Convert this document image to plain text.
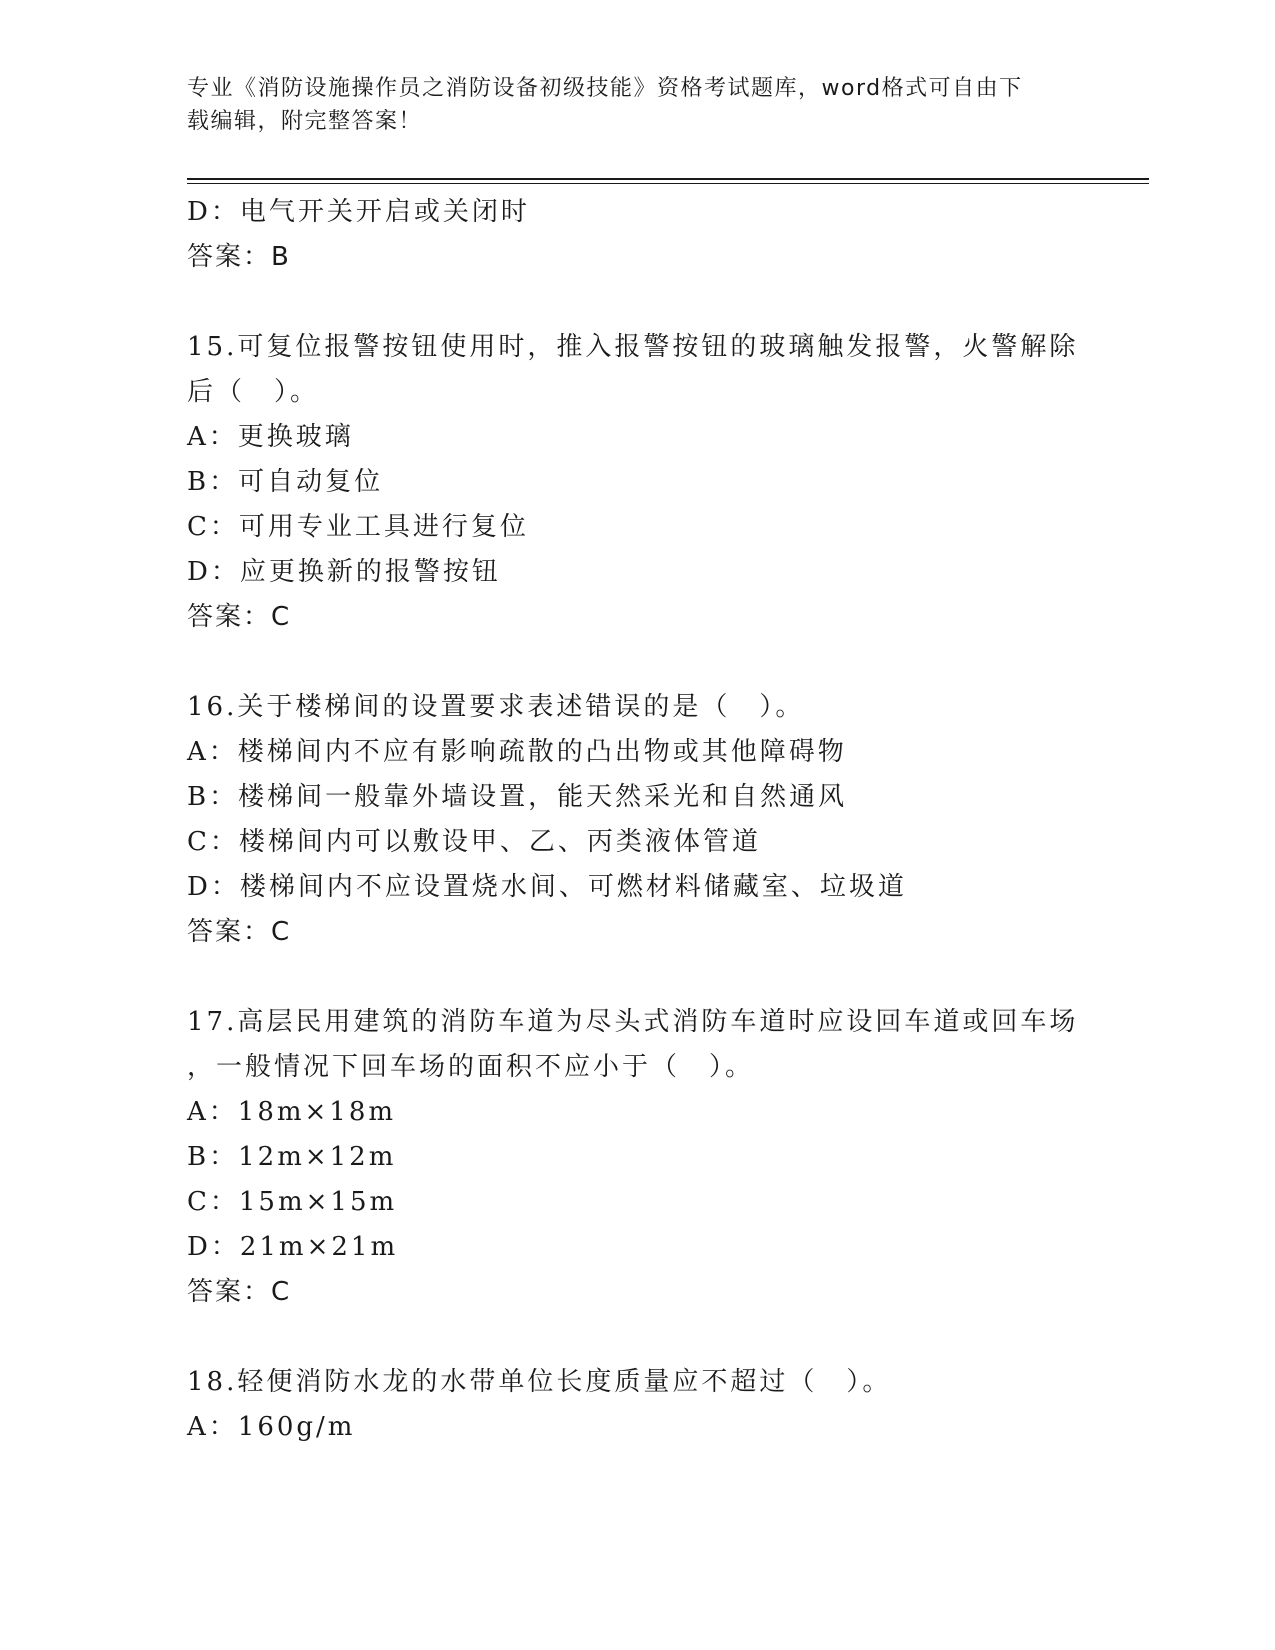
专业《消防设施操作员之消防设备初级技能》资格考试题库，word格式可自由下
载编辑，附完整答案！
D：电气开关开启或关闭时
答案：B
15.可复位报警按钮使用时，推入报警按钮的玻璃触发报警，火警解除
后（　）。
A：更换玻璃
B：可自动复位
C：可用专业工具进行复位
D：应更换新的报警按钮
答案：C
16.关于楼梯间的设置要求表述错误的是（　）。
A：楼梯间内不应有影响疏散的凸出物或其他障碍物
B：楼梯间一般靠外墙设置，能天然采光和自然通风
C：楼梯间内可以敷设甲、乙、丙类液体管道
D：楼梯间内不应设置烧水间、可燃材料储藏室、垃圾道
答案：C
17.高层民用建筑的消防车道为尽头式消防车道时应设回车道或回车场
，一般情况下回车场的面积不应小于（　）。
A：18m×18m
B：12m×12m
C：15m×15m
D：21m×21m
答案：C
18.轻便消防水龙的水带单位长度质量应不超过（　）。
A：160g/m
